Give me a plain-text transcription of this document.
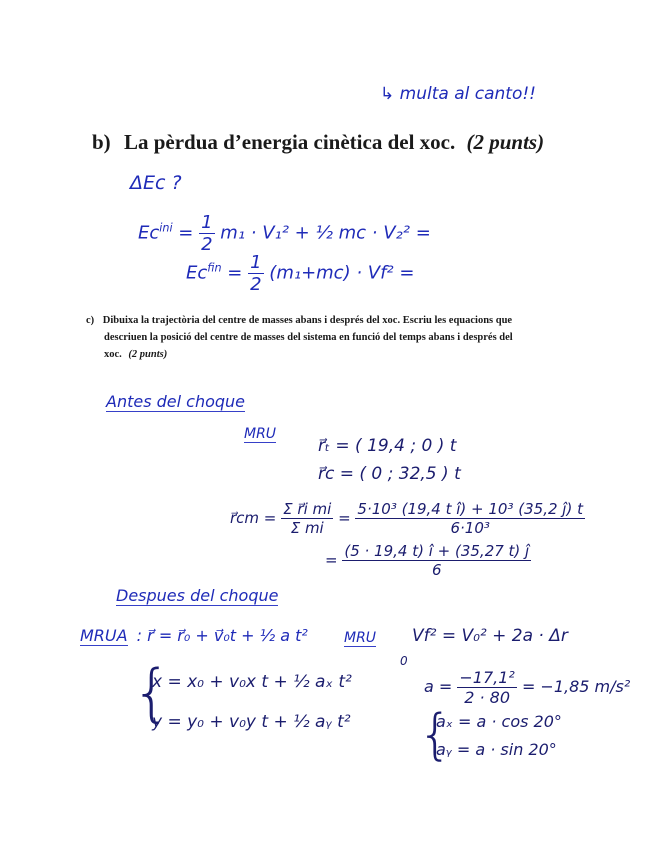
↳ multa al canto!!
b) La pèrdua d’energia cinètica del xoc. (2 punts)
ΔEc ?
$Ec^{ini} = \frac{1}{2} m_1 \cdot V_1^2$ + ½ mc · V₂² =
$Ec^{fin} = \frac{1}{2} (m_1+mc) \cdot Vf^2$ =
c) Dibuixa la trajectòria del centre de masses abans i després del xoc. Escriu les equacions que
descriuen la posició del centre de masses del sistema en funció del temps abans i després del
xoc. (2 punts)
Antes del choque
MRU
r⃗ₜ = ( 19,4 ; 0 ) t
r⃗c = ( 0 ; 32,5 ) t
r⃗cm = $\frac{\text{Σ r⃗i mi}}{\text{Σ mi}} = \frac{\text{5·10³ (19,4 t î) + 10³ (35,2 ĵ) t}}{\text{6·10³}}$
= $\frac{(5 \cdot 19,4 t) î + (35,27 t) ĵ}{6}$
Despues del choque
MRUA : r⃗ = r⃗₀ + v⃗₀t + ½ a t²
{
x = x₀ + v₀x t + ½ aₓ t²
y = y₀ + v₀y t + ½ aᵧ t²
MRU Vf² = V₀² + 2a · Δr
0
$a = \frac{\text{−17,1²}}{2 \cdot 80} = -1,85$ m/s²
{
aₓ = a · cos 20°
aᵧ = a · sin 20°
